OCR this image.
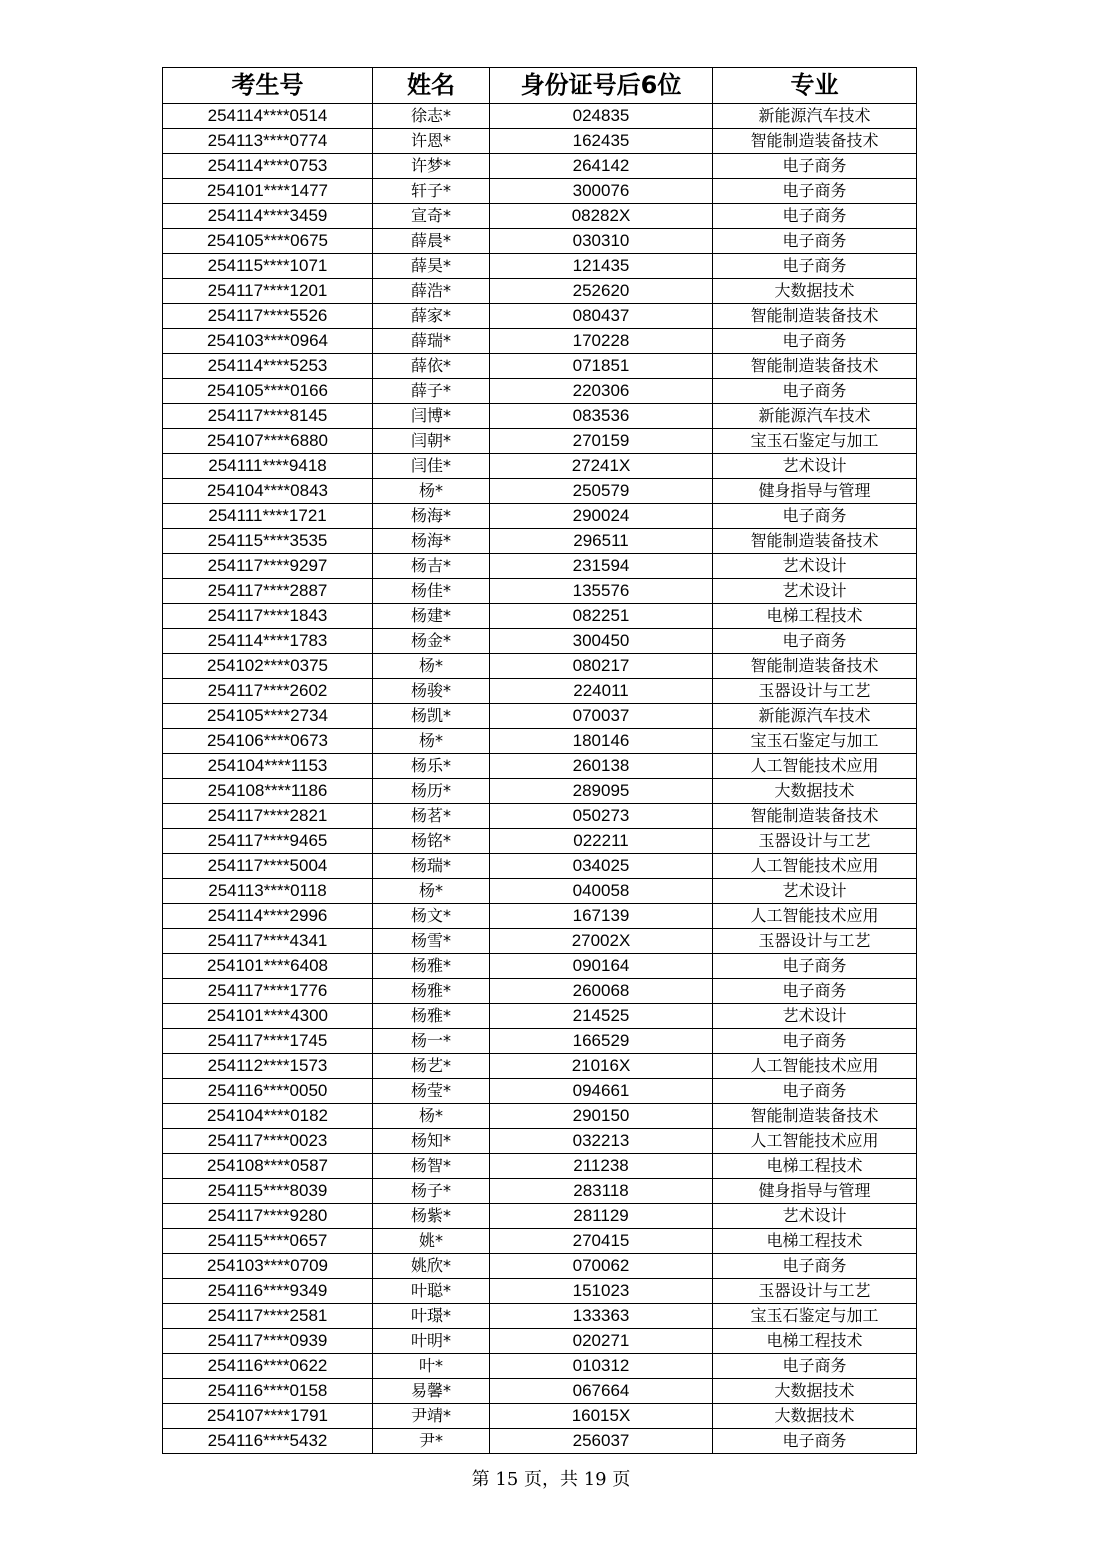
考生号	姓名	身份证号后6位	专业
254114****0514	徐志*	024835	新能源汽车技术
254113****0774	许恩*	162435	智能制造装备技术
254114****0753	许梦*	264142	电子商务
254101****1477	轩子*	300076	电子商务
254114****3459	宣奇*	08282X	电子商务
254105****0675	薛晨*	030310	电子商务
254115****1071	薛昊*	121435	电子商务
254117****1201	薛浩*	252620	大数据技术
254117****5526	薛家*	080437	智能制造装备技术
254103****0964	薛瑞*	170228	电子商务
254114****5253	薛依*	071851	智能制造装备技术
254105****0166	薛子*	220306	电子商务
254117****8145	闫博*	083536	新能源汽车技术
254107****6880	闫朝*	270159	宝玉石鉴定与加工
254111****9418	闫佳*	27241X	艺术设计
254104****0843	杨*	250579	健身指导与管理
254111****1721	杨海*	290024	电子商务
254115****3535	杨海*	296511	智能制造装备技术
254117****9297	杨吉*	231594	艺术设计
254117****2887	杨佳*	135576	艺术设计
254117****1843	杨建*	082251	电梯工程技术
254114****1783	杨金*	300450	电子商务
254102****0375	杨*	080217	智能制造装备技术
254117****2602	杨骏*	224011	玉器设计与工艺
254105****2734	杨凯*	070037	新能源汽车技术
254106****0673	杨*	180146	宝玉石鉴定与加工
254104****1153	杨乐*	260138	人工智能技术应用
254108****1186	杨历*	289095	大数据技术
254117****2821	杨茗*	050273	智能制造装备技术
254117****9465	杨铭*	022211	玉器设计与工艺
254117****5004	杨瑞*	034025	人工智能技术应用
254113****0118	杨*	040058	艺术设计
254114****2996	杨文*	167139	人工智能技术应用
254117****4341	杨雪*	27002X	玉器设计与工艺
254101****6408	杨雅*	090164	电子商务
254117****1776	杨雅*	260068	电子商务
254101****4300	杨雅*	214525	艺术设计
254117****1745	杨一*	166529	电子商务
254112****1573	杨艺*	21016X	人工智能技术应用
254116****0050	杨莹*	094661	电子商务
254104****0182	杨*	290150	智能制造装备技术
254117****0023	杨知*	032213	人工智能技术应用
254108****0587	杨智*	211238	电梯工程技术
254115****8039	杨子*	283118	健身指导与管理
254117****9280	杨紫*	281129	艺术设计
254115****0657	姚*	270415	电梯工程技术
254103****0709	姚欣*	070062	电子商务
254116****9349	叶聪*	151023	玉器设计与工艺
254117****2581	叶璟*	133363	宝玉石鉴定与加工
254117****0939	叶明*	020271	电梯工程技术
254116****0622	叶*	010312	电子商务
254116****0158	易馨*	067664	大数据技术
254107****1791	尹靖*	16015X	大数据技术
254116****5432	尹*	256037	电子商务
第 15 页，共 19 页
